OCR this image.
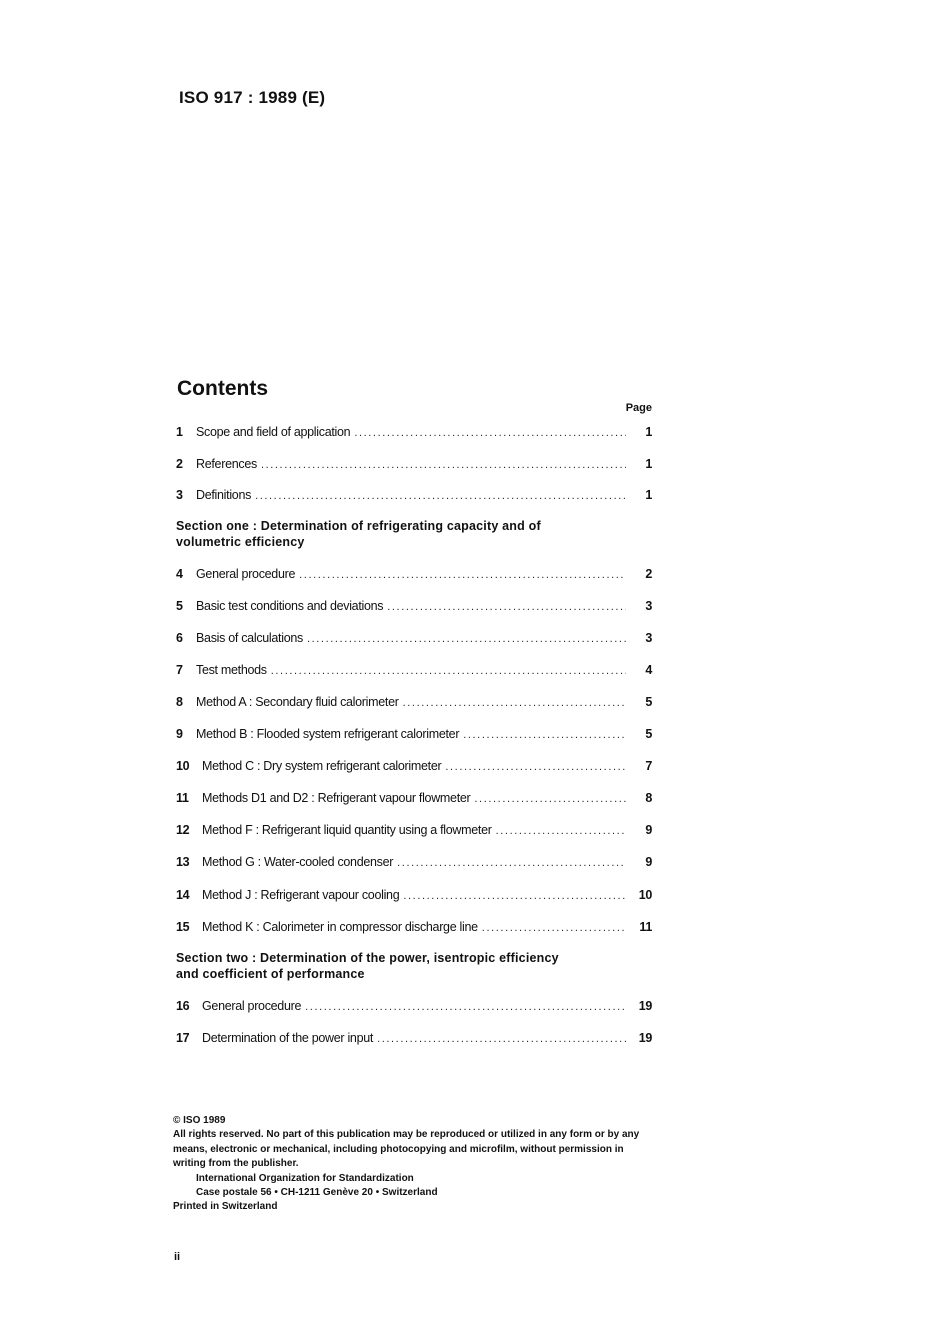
ISO 917 : 1989 (E)
Contents
Page
1	Scope and field of application .....	1
2	References .....	1
3	Definitions .....	1
Section one : Determination of refrigerating capacity and of
volumetric efficiency
4	General procedure .....	2
5	Basic test conditions and deviations .....	3
6	Basis of calculations .....	3
7	Test methods .....	4
8	Method A : Secondary fluid calorimeter .....	5
9	Method B : Flooded system refrigerant calorimeter .....	5
10	Method C : Dry system refrigerant calorimeter .....	7
11	Methods D1 and D2 : Refrigerant vapour flowmeter .....	8
12	Method F : Refrigerant liquid quantity using a flowmeter .....	9
13	Method G : Water-cooled condenser .....	9
14	Method J : Refrigerant vapour cooling .....	10
15	Method K : Calorimeter in compressor discharge line .....	11
Section two : Determination of the power, isentropic efficiency
and coefficient of performance
16	General procedure .....	19
17	Determination of the power input .....	19
© ISO 1989
All rights reserved. No part of this publication may be reproduced or utilized in any form or by any
means, electronic or mechanical, including photocopying and microfilm, without permission in
writing from the publisher.
International Organization for Standardization
Case postale 56 • CH-1211 Genève 20 • Switzerland
Printed in Switzerland
ii
